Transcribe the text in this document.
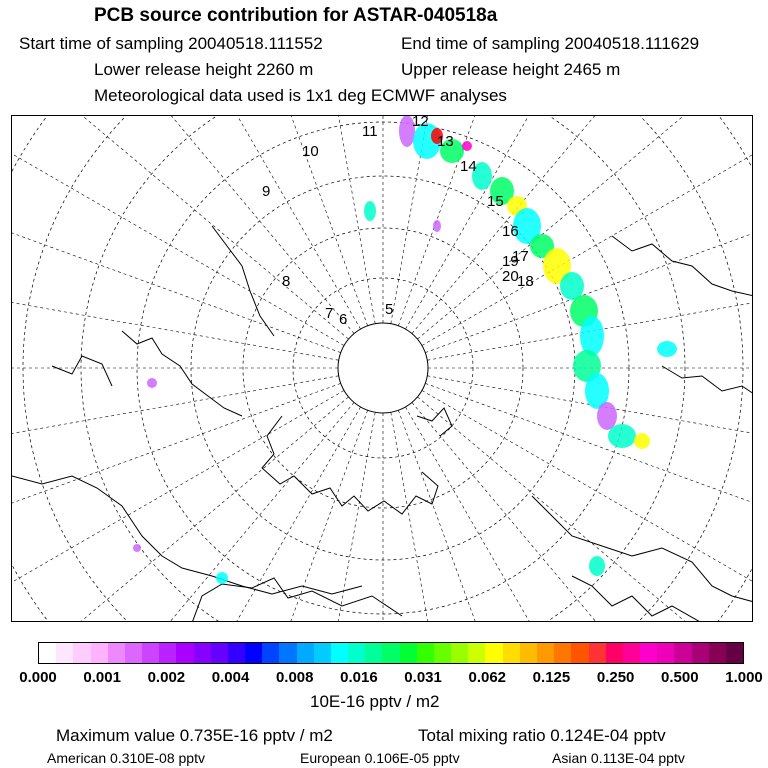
PCB source contribution for ASTAR-040518a
Start time of sampling 20040518.111552	End time of sampling 20040518.111629
Lower release height 2260 m	Upper release height 2465 m
Meteorological data used is 1x1 deg ECMWF analyses
10
11
12
13
14
15
16
17
18
19
20
7 6
5
9
8
0.000 0.001 0.002 0.004 0.008 0.016 0.031 0.062 0.125 0.250 0.500 1.000
10E-16 pptv / m2
Maximum value 0.735E-16 pptv / m2	Total mixing ratio 0.124E-04 pptv
American 0.310E-08 pptv	European 0.106E-05 pptv	Asian 0.113E-04 pptv
